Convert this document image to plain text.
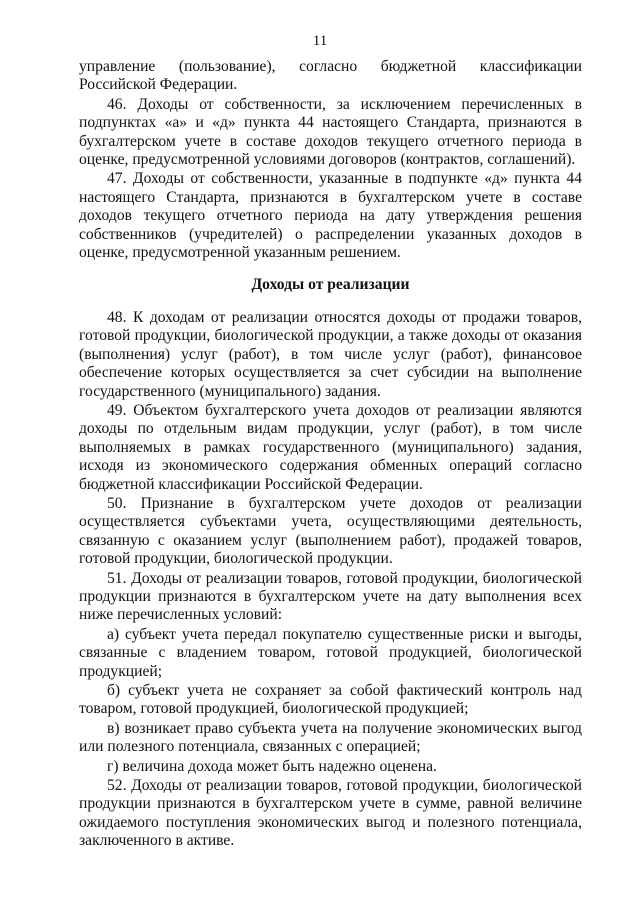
11

управление (пользование), согласно бюджетной классификации Российской Федерации.

46. Доходы от собственности, за исключением перечисленных в подпунктах «а» и «д» пункта 44 настоящего Стандарта, признаются в бухгалтерском учете в составе доходов текущего отчетного периода в оценке, предусмотренной условиями договоров (контрактов, соглашений).

47. Доходы от собственности, указанные в подпункте «д» пункта 44 настоящего Стандарта, признаются в бухгалтерском учете в составе доходов текущего отчетного периода на дату утверждения решения собственников (учредителей) о распределении указанных доходов в оценке, предусмотренной указанным решением.

Доходы от реализации

48. К доходам от реализации относятся доходы от продажи товаров, готовой продукции, биологической продукции, а также доходы от оказания (выполнения) услуг (работ), в том числе услуг (работ), финансовое обеспечение которых осуществляется за счет субсидии на выполнение государственного (муниципального) задания.

49. Объектом бухгалтерского учета доходов от реализации являются доходы по отдельным видам продукции, услуг (работ), в том числе выполняемых в рамках государственного (муниципального) задания, исходя из экономического содержания обменных операций согласно бюджетной классификации Российской Федерации.

50. Признание в бухгалтерском учете доходов от реализации осуществляется субъектами учета, осуществляющими деятельность, связанную с оказанием услуг (выполнением работ), продажей товаров, готовой продукции, биологической продукции.

51. Доходы от реализации товаров, готовой продукции, биологической продукции признаются в бухгалтерском учете на дату выполнения всех ниже перечисленных условий:

а) субъект учета передал покупателю существенные риски и выгоды, связанные с владением товаром, готовой продукцией, биологической продукцией;

б) субъект учета не сохраняет за собой фактический контроль над товаром, готовой продукцией, биологической продукцией;

в) возникает право субъекта учета на получение экономических выгод или полезного потенциала, связанных с операцией;

г) величина дохода может быть надежно оценена.

52. Доходы от реализации товаров, готовой продукции, биологической продукции признаются в бухгалтерском учете в сумме, равной величине ожидаемого поступления экономических выгод и полезного потенциала, заключенного в активе.
